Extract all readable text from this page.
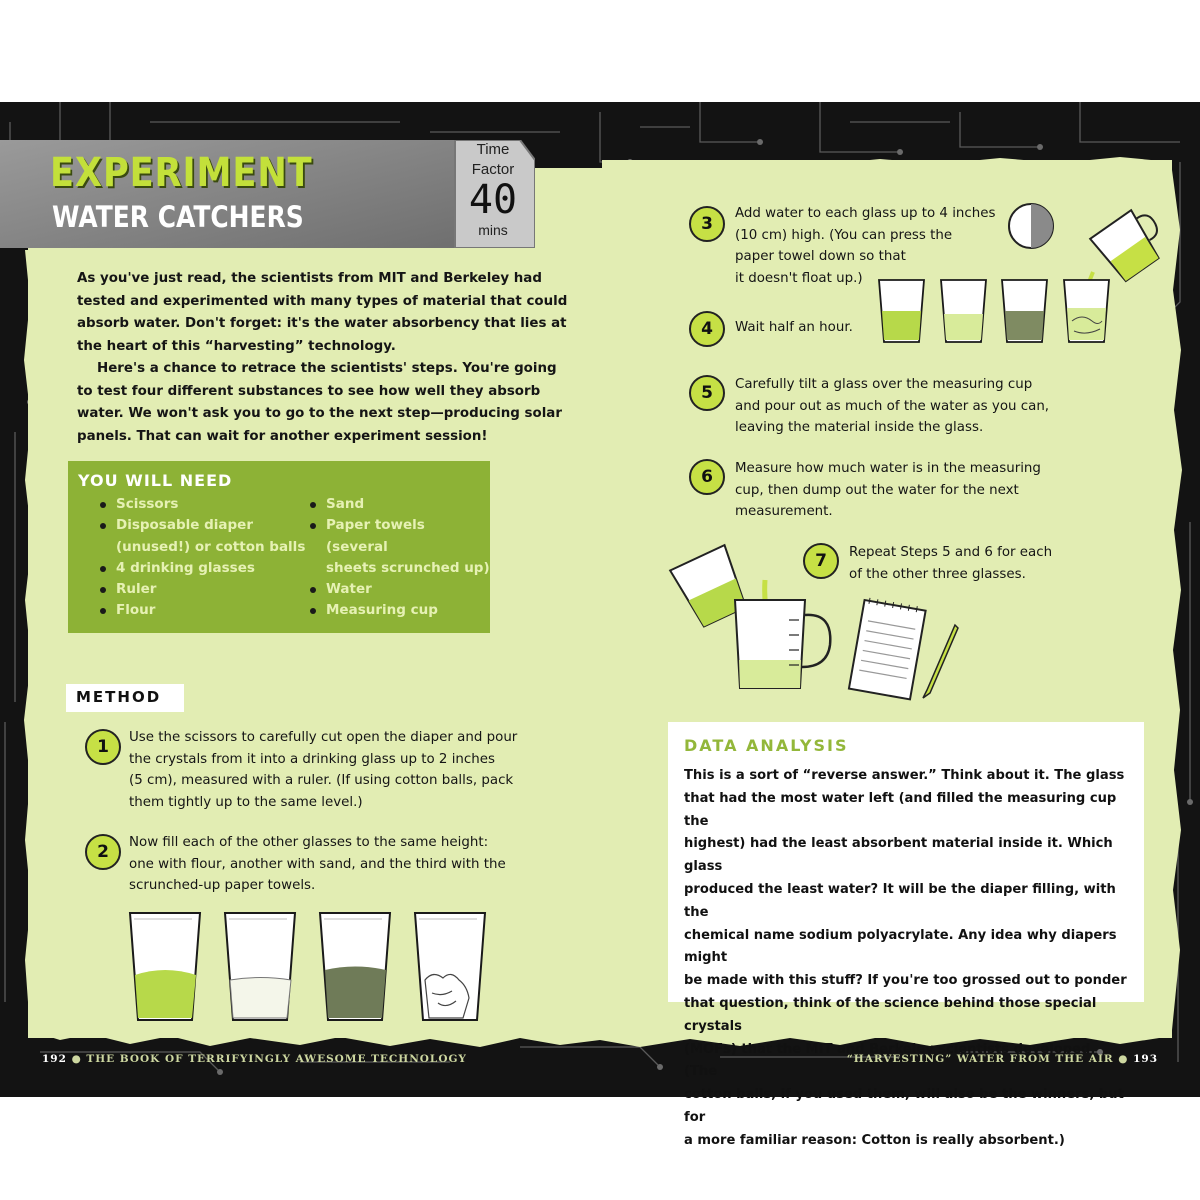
EXPERIMENT
WATER CATCHERS
Time
Factor
40
mins
As you've just read, the scientists from MIT and Berkeley had
tested and experimented with many types of material that could
absorb water. Don't forget: it's the water absorbency that lies at
the heart of this “harvesting” technology.
Here's a chance to retrace the scientists' steps. You're going
to test four different substances to see how well they absorb
water. We won't ask you to go to the next step—producing solar
panels. That can wait for another experiment session!
YOU WILL NEED
Scissors
Disposable diaper
(unused!) or cotton balls
4 drinking glasses
Ruler
Flour
Sand
Paper towels (several
sheets scrunched up)
Water
Measuring cup
METHOD
1	Use the scissors to carefully cut open the diaper and pour
the crystals from it into a drinking glass up to 2 inches
(5 cm), measured with a ruler. (If using cotton balls, pack
them tightly up to the same level.)
2	Now fill each of the other glasses to the same height:
one with flour, another with sand, and the third with the
scrunched-up paper towels.
3
Add water to each glass up to 4 inches
(10 cm) high. (You can press the
paper towel down so that
it doesn't float up.)
4	Wait half an hour.
5	Carefully tilt a glass over the measuring cup
and pour out as much of the water as you can,
leaving the material inside the glass.
6	Measure how much water is in the measuring
cup, then dump out the water for the next
measurement.
7	Repeat Steps 5 and 6 for each
of the other three glasses.
DATA ANALYSIS
This is a sort of “reverse answer.” Think about it. The glass
that had the most water left (and filled the measuring cup the
highest) had the least absorbent material inside it. Which glass
produced the least water? It will be the diaper filling, with the
chemical name sodium polyacrylate. Any idea why diapers might
be made with this stuff? If you're too grossed out to ponder
that question, think of the science behind those special crystals
(MOFs) that the MIT and Berkeley scientists developed. (The
cotton balls, if you used them, will also be the winners, but for
a more familiar reason: Cotton is really absorbent.)
192 ● THE BOOK OF TERRIFYINGLY AWESOME TECHNOLOGY	“HARVESTING” WATER FROM THE AIR ● 193
